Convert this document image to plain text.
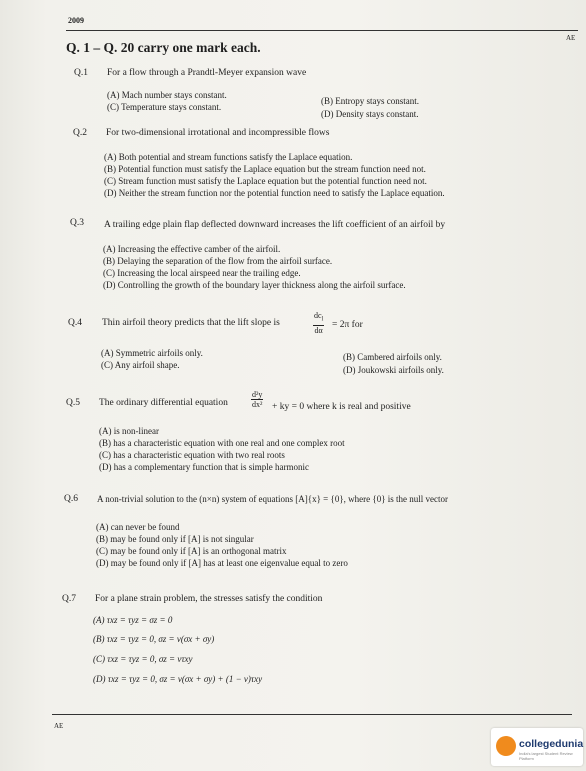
2009
AE
Q. 1 – Q. 20 carry one mark each.
Q.1 For a flow through a Prandtl-Meyer expansion wave
(A) Mach number stays constant.
(B) Entropy stays constant.
(C) Temperature stays constant.
(D) Density stays constant.
Q.2 For two-dimensional irrotational and incompressible flows
(A) Both potential and stream functions satisfy the Laplace equation.
(B) Potential function must satisfy the Laplace equation but the stream function need not.
(C) Stream function must satisfy the Laplace equation but the potential function need not.
(D) Neither the stream function nor the potential function need to satisfy the Laplace equation.
Q.3 A trailing edge plain flap deflected downward increases the lift coefficient of an airfoil by
(A) Increasing the effective camber of the airfoil.
(B) Delaying the separation of the flow from the airfoil surface.
(C) Increasing the local airspeed near the trailing edge.
(D) Controlling the growth of the boundary layer thickness along the airfoil surface.
Q.4 Thin airfoil theory predicts that the lift slope is	$\frac{dc_l}{d\alpha} = 2\pi$ for
(A) Symmetric airfoils only.	(B) Cambered airfoils only.
(C) Any airfoil shape.	(D) Joukowski airfoils only.
Q.5 The ordinary differential equation	$\frac{\text{d²y}}{\text{dx²}}$ + ky = 0 where k is real and positive
(A) is non-linear
(B) has a characteristic equation with one real and one complex root
(C) has a characteristic equation with two real roots
(D) has a complementary function that is simple harmonic
Q.6 A non-trivial solution to the (n×n) system of equations [A]{x} = {0}, where {0} is the null vector
(A) can never be found
(B) may be found only if [A] is not singular
(C) may be found only if [A] is an orthogonal matrix
(D) may be found only if [A] has at least one eigenvalue equal to zero
Q.7 For a plane strain problem, the stresses satisfy the condition
(A) τxz = τyz = σz = 0
(B) τxz = τyz = 0, σz = ν(σx + σy)
(C) τxz = τyz = 0, σz = ντxy
(D) τxz = τyz = 0, σz = ν(σx + σy) + (1 − ν)τxy
AE
collegedunia
India's largest Student Review Platform
